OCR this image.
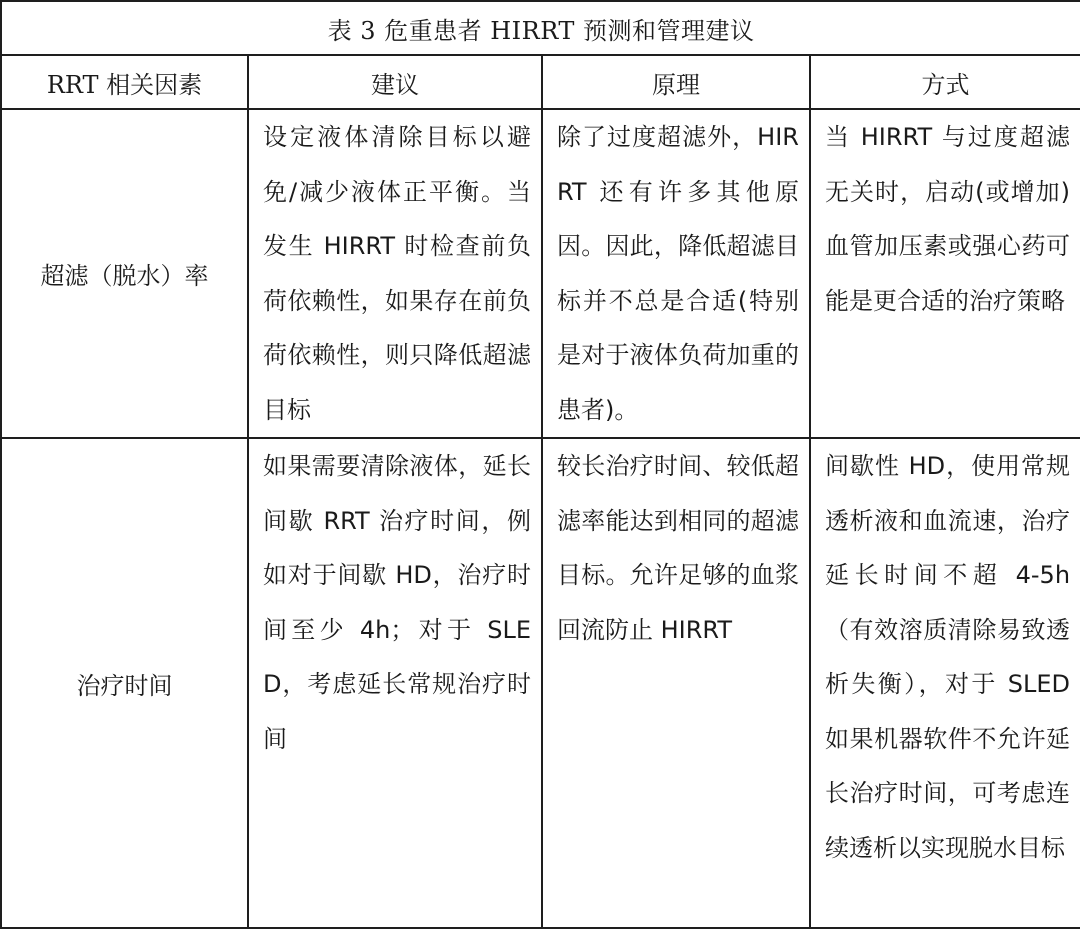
表 3 危重患者 HIRRT 预测和管理建议			
RRT 相关因素	建议	原理	方式
超滤（脱水）率	设定液体清除目标以避免/减少液体正平衡。当发生 HIRRT 时检查前负荷依赖性，如果存在前负荷依赖性，则只降低超滤目标	除了过度超滤外，HIRRT 还有许多其他原因。因此，降低超滤目标并不总是合适(特别是对于液体负荷加重的患者)。	当 HIRRT 与过度超滤无关时，启动(或增加)血管加压素或强心药可能是更合适的治疗策略

治疗时间	如果需要清除液体，延长间歇 RRT 治疗时间，例如对于间歇 HD，治疗时间至少 4h；对于 SLED，考虑延长常规治疗时间	较长治疗时间、较低超滤率能达到相同的超滤目标。允许足够的血浆回流防止 HIRRT	间歇性 HD，使用常规透析液和血流速，治疗延长时间不超 4-5h（有效溶质清除易致透析失衡），对于 SLED 如果机器软件不允许延长治疗时间，可考虑连续透析以实现脱水目标
